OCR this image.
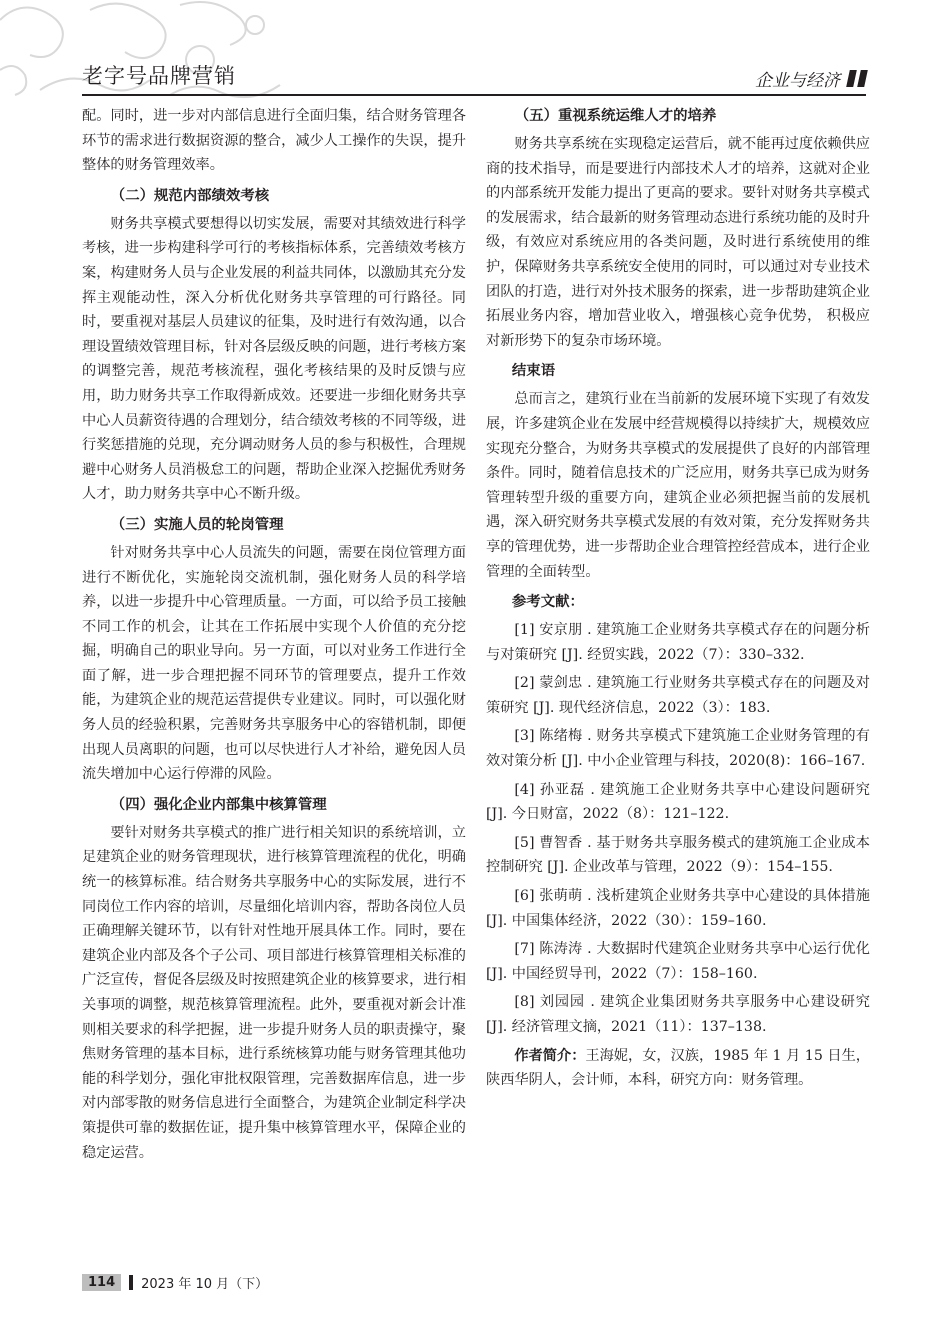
老字号品牌营销	企业与经济

配。同时，进一步对内部信息进行全面归集，结合财务管理各环节的需求进行数据资源的整合，减少人工操作的失误，提升整体的财务管理效率。

（二）规范内部绩效考核

财务共享模式要想得以切实发展，需要对其绩效进行科学考核，进一步构建科学可行的考核指标体系，完善绩效考核方案，构建财务人员与企业发展的利益共同体，以激励其充分发挥主观能动性，深入分析优化财务共享管理的可行路径。同时，要重视对基层人员建议的征集，及时进行有效沟通，以合理设置绩效管理目标，针对各层级反映的问题，进行考核方案的调整完善，规范考核流程，强化考核结果的及时反馈与应用，助力财务共享工作取得新成效。还要进一步细化财务共享中心人员薪资待遇的合理划分，结合绩效考核的不同等级，进行奖惩措施的兑现，充分调动财务人员的参与积极性，合理规避中心财务人员消极怠工的问题，帮助企业深入挖掘优秀财务人才，助力财务共享中心不断升级。

（三）实施人员的轮岗管理

针对财务共享中心人员流失的问题，需要在岗位管理方面进行不断优化，实施轮岗交流机制，强化财务人员的科学培养，以进一步提升中心管理质量。一方面，可以给予员工接触不同工作的机会，让其在工作拓展中实现个人价值的充分挖掘，明确自己的职业导向。另一方面，可以对业务工作进行全面了解，进一步合理把握不同环节的管理要点，提升工作效能，为建筑企业的规范运营提供专业建议。同时，可以强化财务人员的经验积累，完善财务共享服务中心的容错机制，即便出现人员离职的问题，也可以尽快进行人才补给，避免因人员流失增加中心运行停滞的风险。

（四）强化企业内部集中核算管理

要针对财务共享模式的推广进行相关知识的系统培训，立足建筑企业的财务管理现状，进行核算管理流程的优化，明确统一的核算标准。结合财务共享服务中心的实际发展，进行不同岗位工作内容的培训，尽量细化培训内容，帮助各岗位人员正确理解关键环节，以有针对性地开展具体工作。同时，要在建筑企业内部及各个子公司、项目部进行核算管理相关标准的广泛宣传，督促各层级及时按照建筑企业的核算要求，进行相关事项的调整，规范核算管理流程。此外，要重视对新会计准则相关要求的科学把握，进一步提升财务人员的职责操守，聚焦财务管理的基本目标，进行系统核算功能与财务管理其他功能的科学划分，强化审批权限管理，完善数据库信息，进一步对内部零散的财务信息进行全面整合，为建筑企业制定科学决策提供可靠的数据佐证，提升集中核算管理水平，保障企业的稳定运营。

（五）重视系统运维人才的培养

财务共享系统在实现稳定运营后，就不能再过度依赖供应商的技术指导，而是要进行内部技术人才的培养，这就对企业的内部系统开发能力提出了更高的要求。要针对财务共享模式的发展需求，结合最新的财务管理动态进行系统功能的及时升级，有效应对系统应用的各类问题，及时进行系统使用的维护，保障财务共享系统安全使用的同时，可以通过对专业技术团队的打造，进行对外技术服务的探索，进一步帮助建筑企业拓展业务内容，增加营业收入，增强核心竞争优势， 积极应对新形势下的复杂市场环境。

结束语

总而言之，建筑行业在当前新的发展环境下实现了有效发展，许多建筑企业在发展中经营规模得以持续扩大，规模效应实现充分整合，为财务共享模式的发展提供了良好的内部管理条件。同时，随着信息技术的广泛应用，财务共享已成为财务管理转型升级的重要方向，建筑企业必须把握当前的发展机遇，深入研究财务共享模式发展的有效对策，充分发挥财务共享的管理优势，进一步帮助企业合理管控经营成本，进行企业管理的全面转型。

参考文献：

[1] 安京朋 . 建筑施工企业财务共享模式存在的问题分析与对策研究 [J]. 经贸实践，2022（7）：330–332.

[2] 蒙剑忠 . 建筑施工行业财务共享模式存在的问题及对策研究 [J]. 现代经济信息，2022（3）：183.

[3] 陈绪梅 . 财务共享模式下建筑施工企业财务管理的有效对策分析 [J]. 中小企业管理与科技，2020(8)：166–167.

[4] 孙亚磊 . 建筑施工企业财务共享中心建设问题研究 [J]. 今日财富，2022（8）：121–122.

[5] 曹智香 . 基于财务共享服务模式的建筑施工企业成本控制研究 [J]. 企业改革与管理，2022（9）：154–155.

[6] 张萌萌 . 浅析建筑企业财务共享中心建设的具体措施 [J]. 中国集体经济，2022（30）：159–160.

[7] 陈涛涛 . 大数据时代建筑企业财务共享中心运行优化 [J]. 中国经贸导刊，2022（7）：158–160.

[8] 刘园园 . 建筑企业集团财务共享服务中心建设研究 [J]. 经济管理文摘，2021（11）：137–138.

作者简介：王海妮，女，汉族，1985 年 1 月 15 日生，陕西华阴人，会计师，本科，研究方向：财务管理。

114	2023 年 10 月（下）
